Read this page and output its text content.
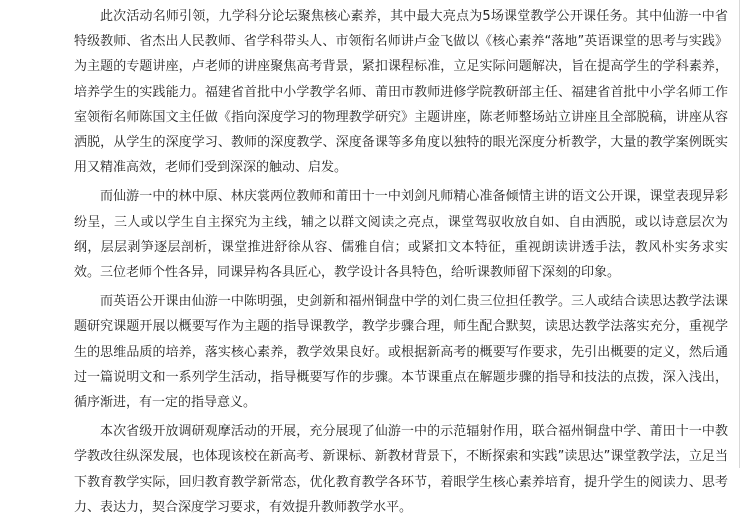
此次活动名师引领，九学科分论坛聚焦核心素养，其中最大亮点为5场课堂教学公开课任务。其中仙游一中省特级教师、省杰出人民教师、省学科带头人、市领衔名师讲卢金飞做以《核心素养“落地”英语课堂的思考与实践》为主题的专题讲座，卢老师的讲座聚焦高考背景，紧扣课程标准，立足实际问题解决，旨在提高学生的学科素养，培养学生的实践能力。福建省首批中小学教学名师、莆田市教师进修学院教研部主任、福建省首批中小学名师工作室领衔名师陈国文主任做《指向深度学习的物理教学研究》主题讲座，陈老师整场站立讲座且全部脱稿，讲座从容洒脱，从学生的深度学习、教师的深度教学、深度备课等多角度以独特的眼光深度分析教学，大量的教学案例既实用又精准高效，老师们受到深深的触动、启发。

而仙游一中的林中原、林庆裳两位教师和莆田十一中刘剑凡师精心准备倾情主讲的语文公开课，课堂表现异彩纷呈，三人或以学生自主探究为主线，辅之以群文阅读之亮点，课堂驾驭收放自如、自由洒脱，或以诗意层次为纲，层层剥笋逐层剖析，课堂推进舒徐从容、儒雅自信；或紧扣文本特征，重视朗读讲透手法，教风朴实务求实效。三位老师个性各异，同课异构各具匠心，教学设计各具特色，给听课教师留下深刻的印象。

而英语公开课由仙游一中陈明强，史剑新和福州铜盘中学的刘仁贵三位担任教学。三人或结合读思达教学法课题研究课题开展以概要写作为主题的指导课教学，教学步骤合理，师生配合默契，读思达教学法落实充分，重视学生的思维品质的培养，落实核心素养，教学效果良好。或根据新高考的概要写作要求，先引出概要的定义，然后通过一篇说明文和一系列学生活动，指导概要写作的步骤。本节课重点在解题步骤的指导和技法的点拨，深入浅出，循序渐进，有一定的指导意义。

本次省级开放调研观摩活动的开展，充分展现了仙游一中的示范辐射作用，联合福州铜盘中学、莆田十一中教学教改往纵深发展，也体现该校在新高考、新课标、新教材背景下，不断探索和实践”读思达”课堂教学法，立足当下教育教学实际，回归教育教学新常态，优化教育教学各环节，着眼学生核心素养培育，提升学生的阅读力、思考力、表达力，契合深度学习要求，有效提升教师教学水平。
